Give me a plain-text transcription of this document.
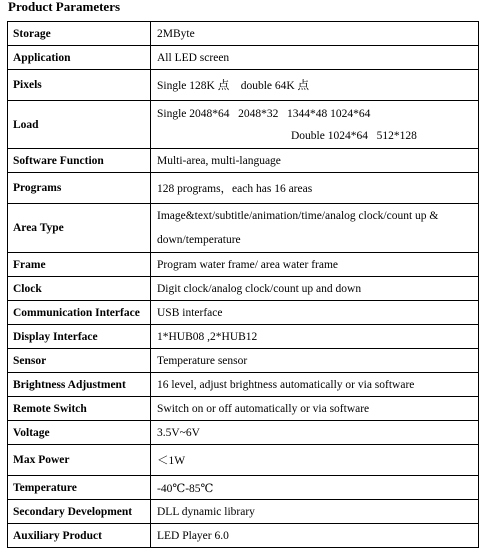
Product Parameters
Storage	2MByte
Application	All LED screen
Pixels	Single 128K 点    double 64K 点
Load	Single 2048*64   2048*32   1344*48 1024*64
Double 1024*64   512*128

Software Function	Multi-area, multi-language
Programs	128 programs，each has 16 areas
Area Type	Image&text/subtitle/animation/time/analog clock/count up & down/temperature
Frame	Program water frame/ area water frame
Clock	Digit clock/analog clock/count up and down
Communication Interface	USB interface
Display Interface	1*HUB08 ,2*HUB12
Sensor	Temperature sensor
Brightness Adjustment	16 level, adjust brightness automatically or via software
Remote Switch	Switch on or off automatically or via software
Voltage	3.5V~6V
Max Power	＜1W
Temperature	-40℃-85℃
Secondary Development	DLL dynamic library
Auxiliary Product	LED Player 6.0
